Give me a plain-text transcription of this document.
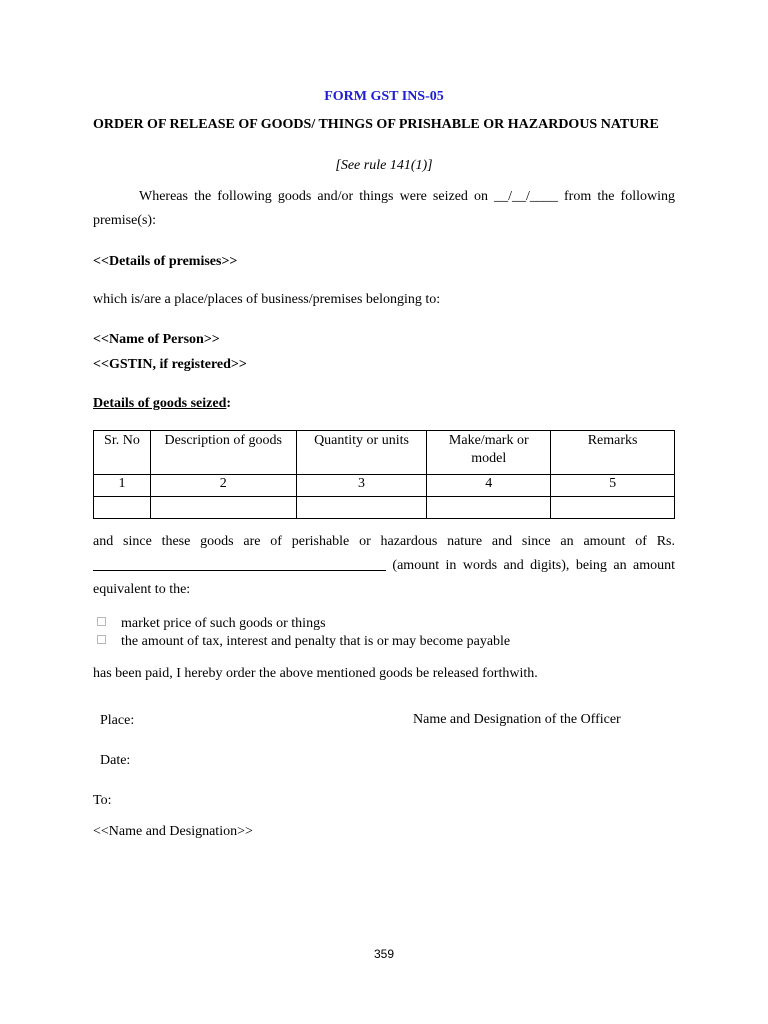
FORM GST INS-05
ORDER OF RELEASE OF GOODS/ THINGS OF PRISHABLE OR HAZARDOUS NATURE
[See rule 141(1)]
Whereas the following goods and/or things were seized on __/__/____ from the following premise(s):
<<Details of premises>>
which is/are a place/places of business/premises belonging to:
<<Name of Person>>
<<GSTIN, if registered>>
Details of goods seized:
Sr. No	Description of goods	Quantity or units	Make/mark or model	Remarks
1	2	3	4	5

and since these goods are of perishable or hazardous nature and since an amount of Rs. (amount in words and digits), being an amount equivalent to the:
market price of such goods or things
the amount of tax, interest and penalty that is or may become payable
has been paid, I hereby order the above mentioned goods be released forthwith.
Place:	Name and Designation of the Officer
Date:
To:
<<Name and Designation>>
359
